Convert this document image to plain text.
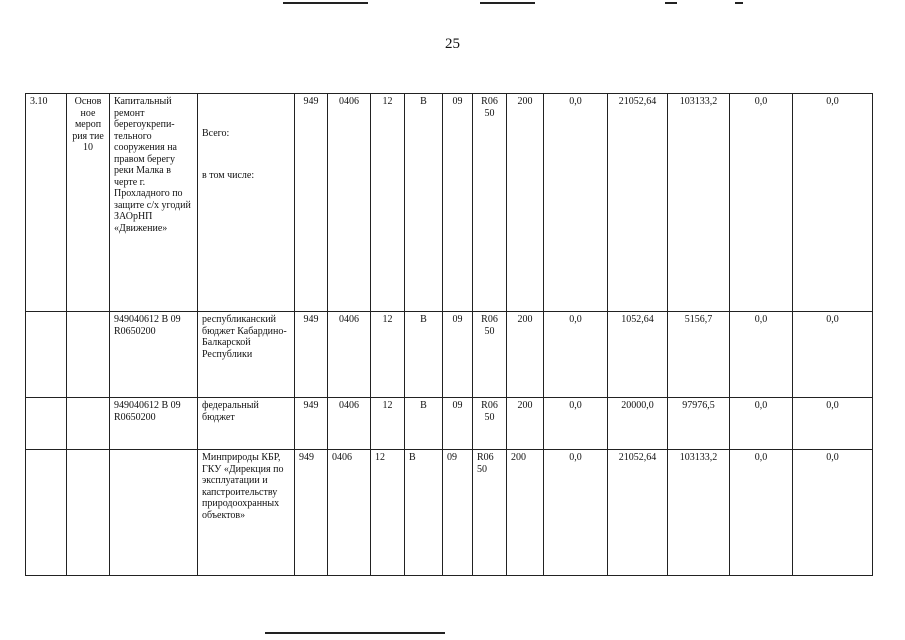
25
3.10	Основ ное мероп рия тие 10	Капитальный ремонт берегоукрепи-тельного сооружения на правом берегу реки Малка в черте г. Прохладного по защите с/х угодий ЗАОрНП «Движение»	Всего:
в том числе:	949	0406	12	В	09	R06 50	200	0,0	21052,64	103133,2	0,0	0,0
		949040612 В 09 R0650200	республиканский бюджет Кабардино-Балкарской Республики	949	0406	12	В	09	R06 50	200	0,0	1052,64	5156,7	0,0	0,0
		949040612 В 09 R0650200	федеральный бюджет	949	0406	12	В	09	R06 50	200	0,0	20000,0	97976,5	0,0	0,0
			Минприроды КБР, ГКУ «Дирекция по эксплуатации и капстроительству природоохранных объектов»	949	0406	12	В	09	R06 50	200	0,0	21052,64	103133,2	0,0	0,0
